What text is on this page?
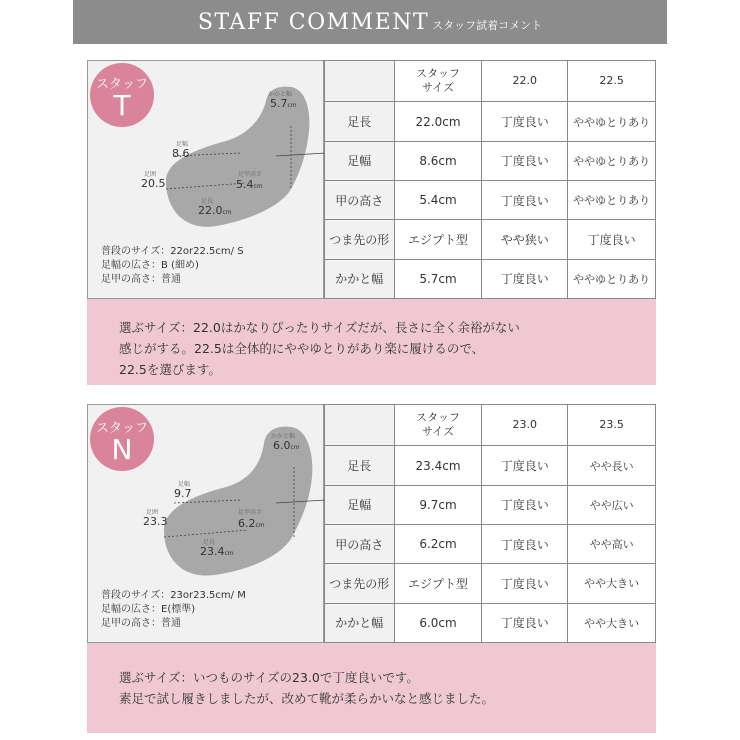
STAFF COMMENT スタッフ試着コメント
かかと幅
5.7cm
足幅
8.6
足囲
20.5
足甲高さ
5.4cm
足長
22.0cm
スタッフ
T
普段のサイズ：22or22.5cm/ S
足幅の広さ：B (細め)
足甲の高さ：普通
	スタッフ
サイズ	22.0	22.5
足長	22.0cm	丁度良い	ややゆとりあり
足幅	8.6cm	丁度良い	ややゆとりあり
甲の高さ	5.4cm	丁度良い	ややゆとりあり
つま先の形	エジプト型	やや狭い	丁度良い
かかと幅	5.7cm	丁度良い	ややゆとりあり
選ぶサイズ：22.0はかなりぴったりサイズだが、長さに全く余裕がない
感じがする。22.5は全体的にややゆとりがあり楽に履けるので、
22.5を選びます。
かかと幅
6.0cm
足幅
9.7
足囲
23.3
足甲高さ
6.2cm
足長
23.4cm
スタッフ
N
普段のサイズ：23or23.5cm/ M
足幅の広さ：E(標準)
足甲の高さ：普通
	スタッフ
サイズ	23.0	23.5
足長	23.4cm	丁度良い	やや長い
足幅	9.7cm	丁度良い	やや広い
甲の高さ	6.2cm	丁度良い	やや高い
つま先の形	エジプト型	丁度良い	やや大きい
かかと幅	6.0cm	丁度良い	やや大きい
選ぶサイズ：いつものサイズの23.0で丁度良いです。
素足で試し履きしましたが、改めて靴が柔らかいなと感じました。
